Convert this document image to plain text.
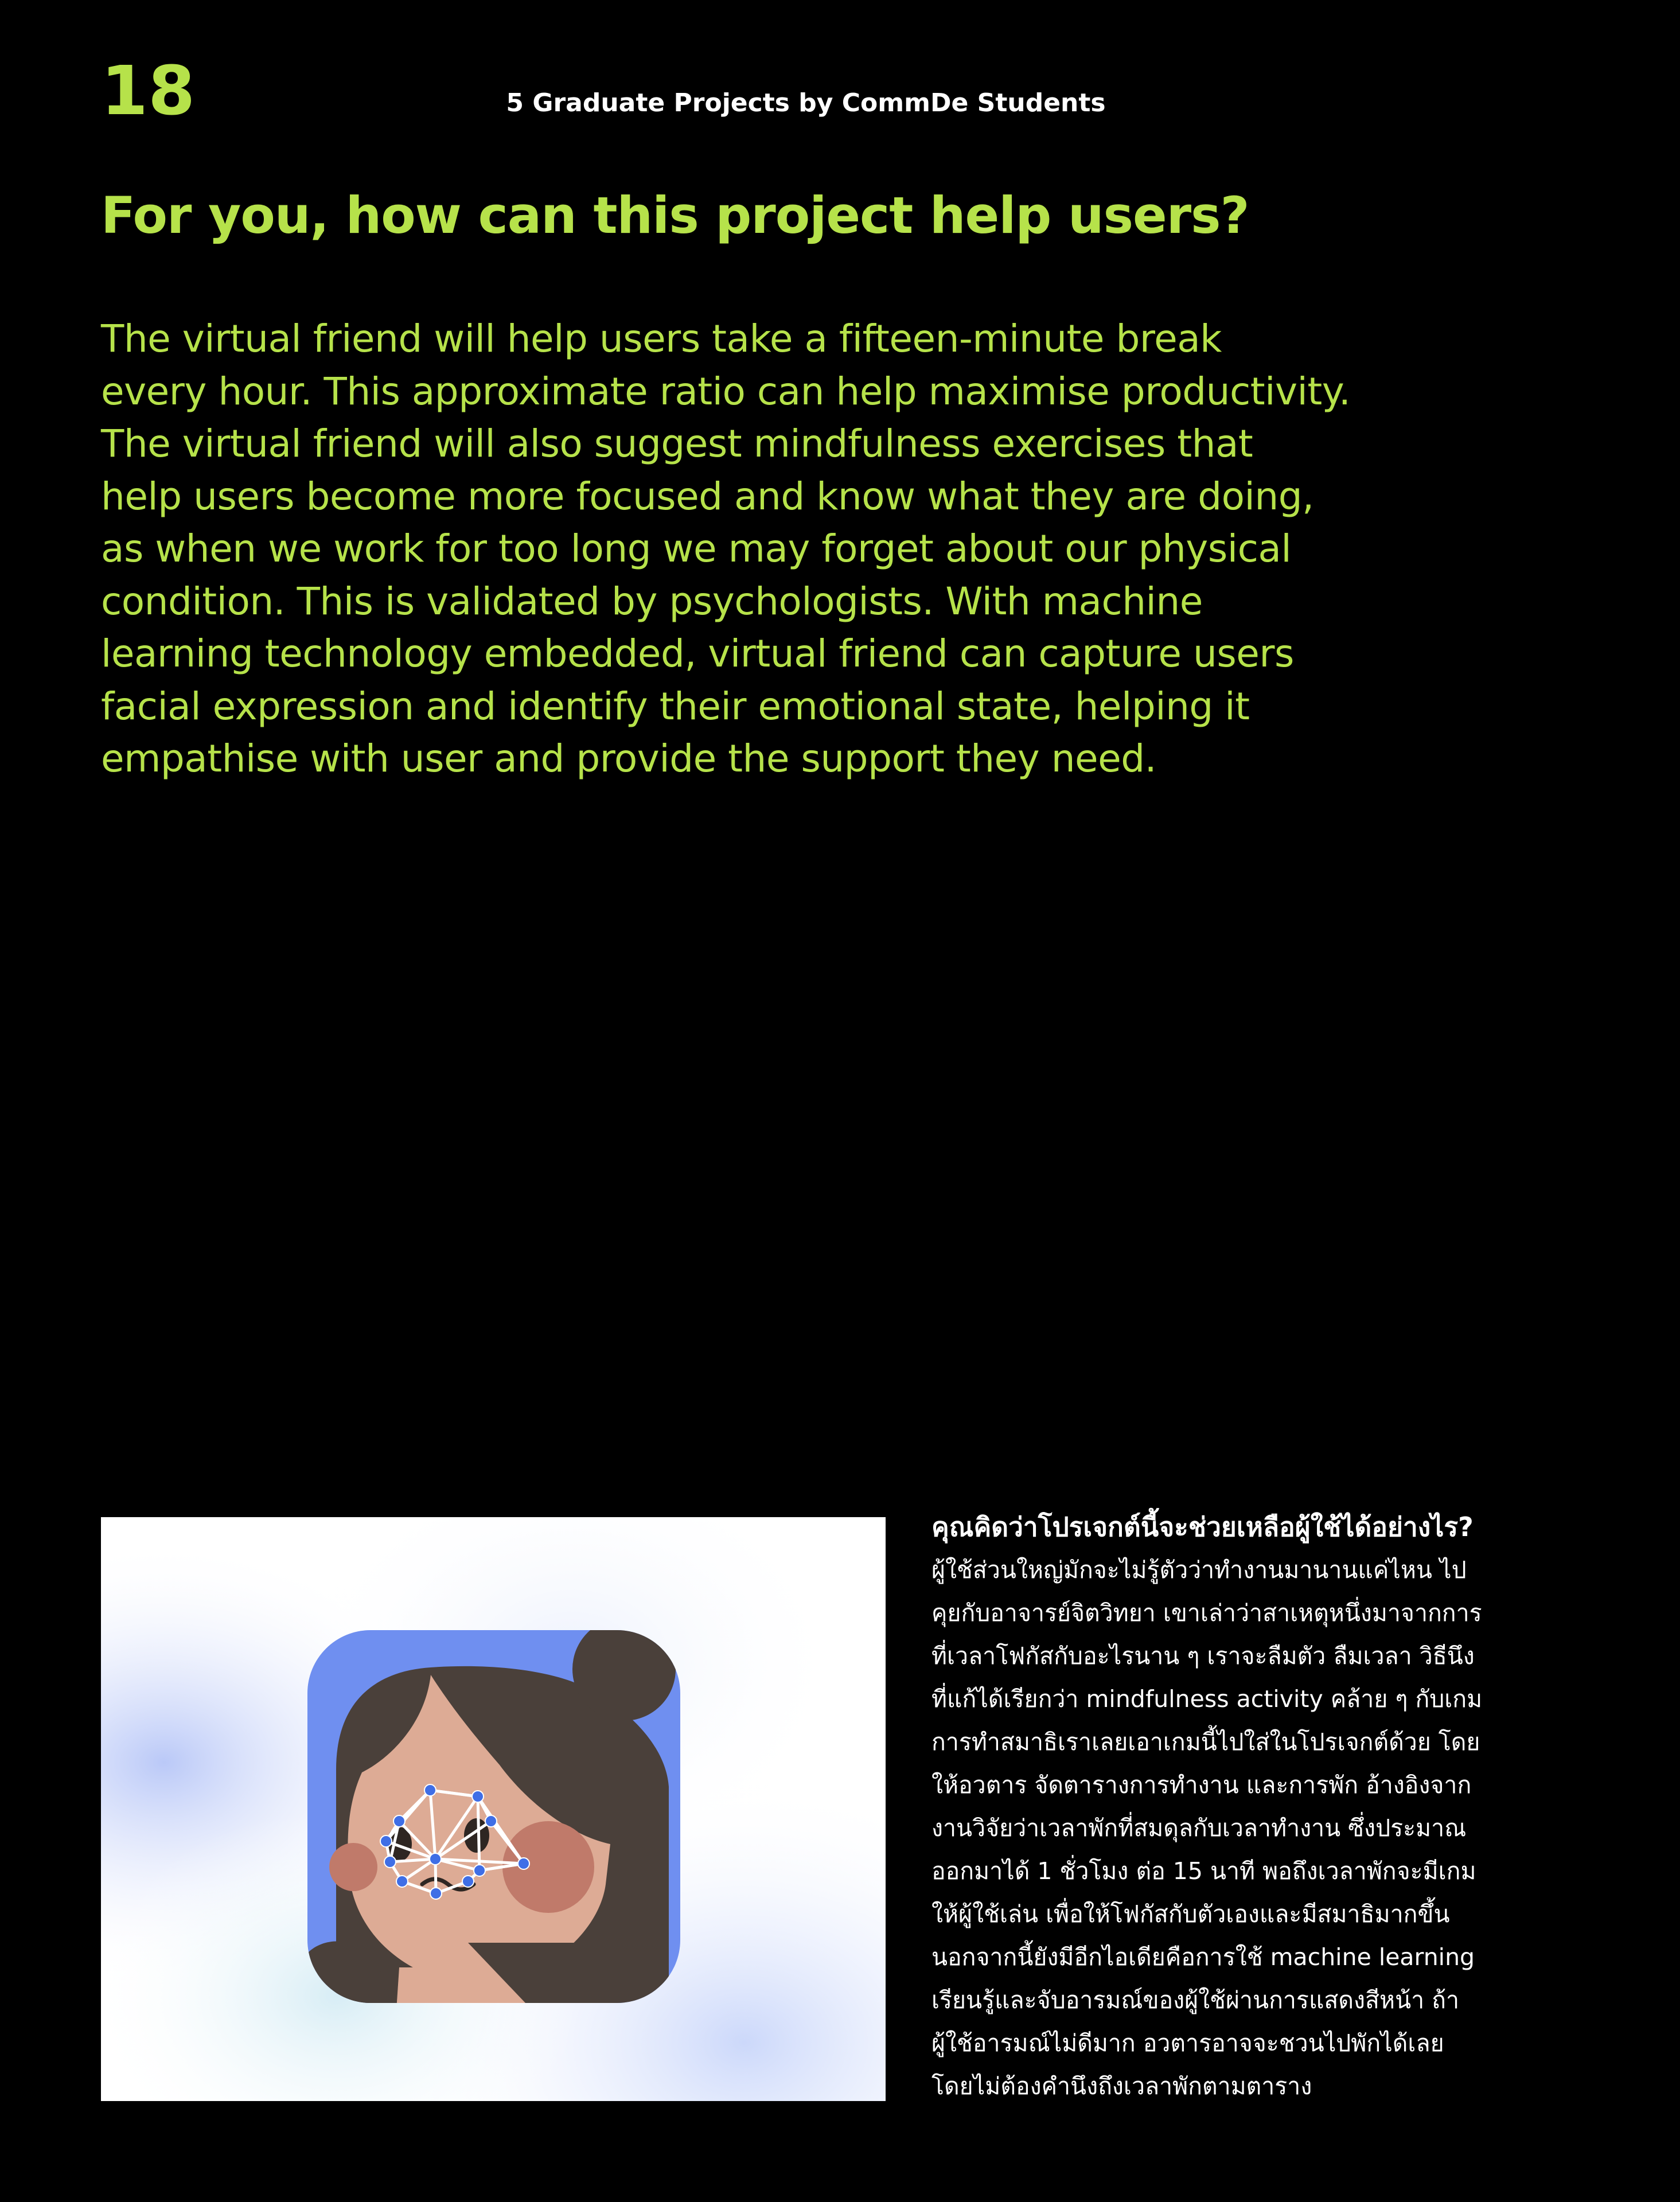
18	5 Graduate Projects by CommDe Students
For you, how can this project help users?
The virtual friend will help users take a fifteen-minute break
every hour. This approximate ratio can help maximise productivity.
The virtual friend will also suggest mindfulness exercises that
help users become more focused and know what they are doing,
as when we work for too long we may forget about our physical
condition. This is validated by psychologists. With machine
learning technology embedded, virtual friend can capture users
facial expression and identify their emotional state, helping it
empathise with user and provide the support they need.
คุณคิดว่าโปรเจกต์นี้จะช่วยเหลือผู้ใช้ได้อย่างไร?

ผู้ใช้ส่วนใหญ่มักจะไม่รู้ตัวว่าทำงานมานานแค่ไหน ไป

คุยกับอาจารย์จิตวิทยา เขาเล่าว่าสาเหตุหนึ่งมาจากการ

ที่เวลาโฟกัสกับอะไรนาน ๆ เราจะลืมตัว ลืมเวลา วิธีนึง

ที่แก้ได้เรียกว่า mindfulness activity คล้าย ๆ กับเกม

การทำสมาธิเราเลยเอาเกมนี้ไปใส่ในโปรเจกต์ด้วย โดย

ให้อวตาร จัดตารางการทำงาน และการพัก อ้างอิงจาก

งานวิจัยว่าเวลาพักที่สมดุลกับเวลาทำงาน ซึ่งประมาณ

ออกมาได้ 1 ชั่วโมง ต่อ 15 นาที พอถึงเวลาพักจะมีเกม

ให้ผู้ใช้เล่น เพื่อให้โฟกัสกับตัวเองและมีสมาธิมากขึ้น

นอกจากนี้ยังมีอีกไอเดียคือการใช้ machine learning

เรียนรู้และจับอารมณ์ของผู้ใช้ผ่านการแสดงสีหน้า ถ้า

ผู้ใช้อารมณ์ไม่ดีมาก อวตารอาจจะชวนไปพักได้เลย

โดยไม่ต้องคำนึงถึงเวลาพักตามตาราง
